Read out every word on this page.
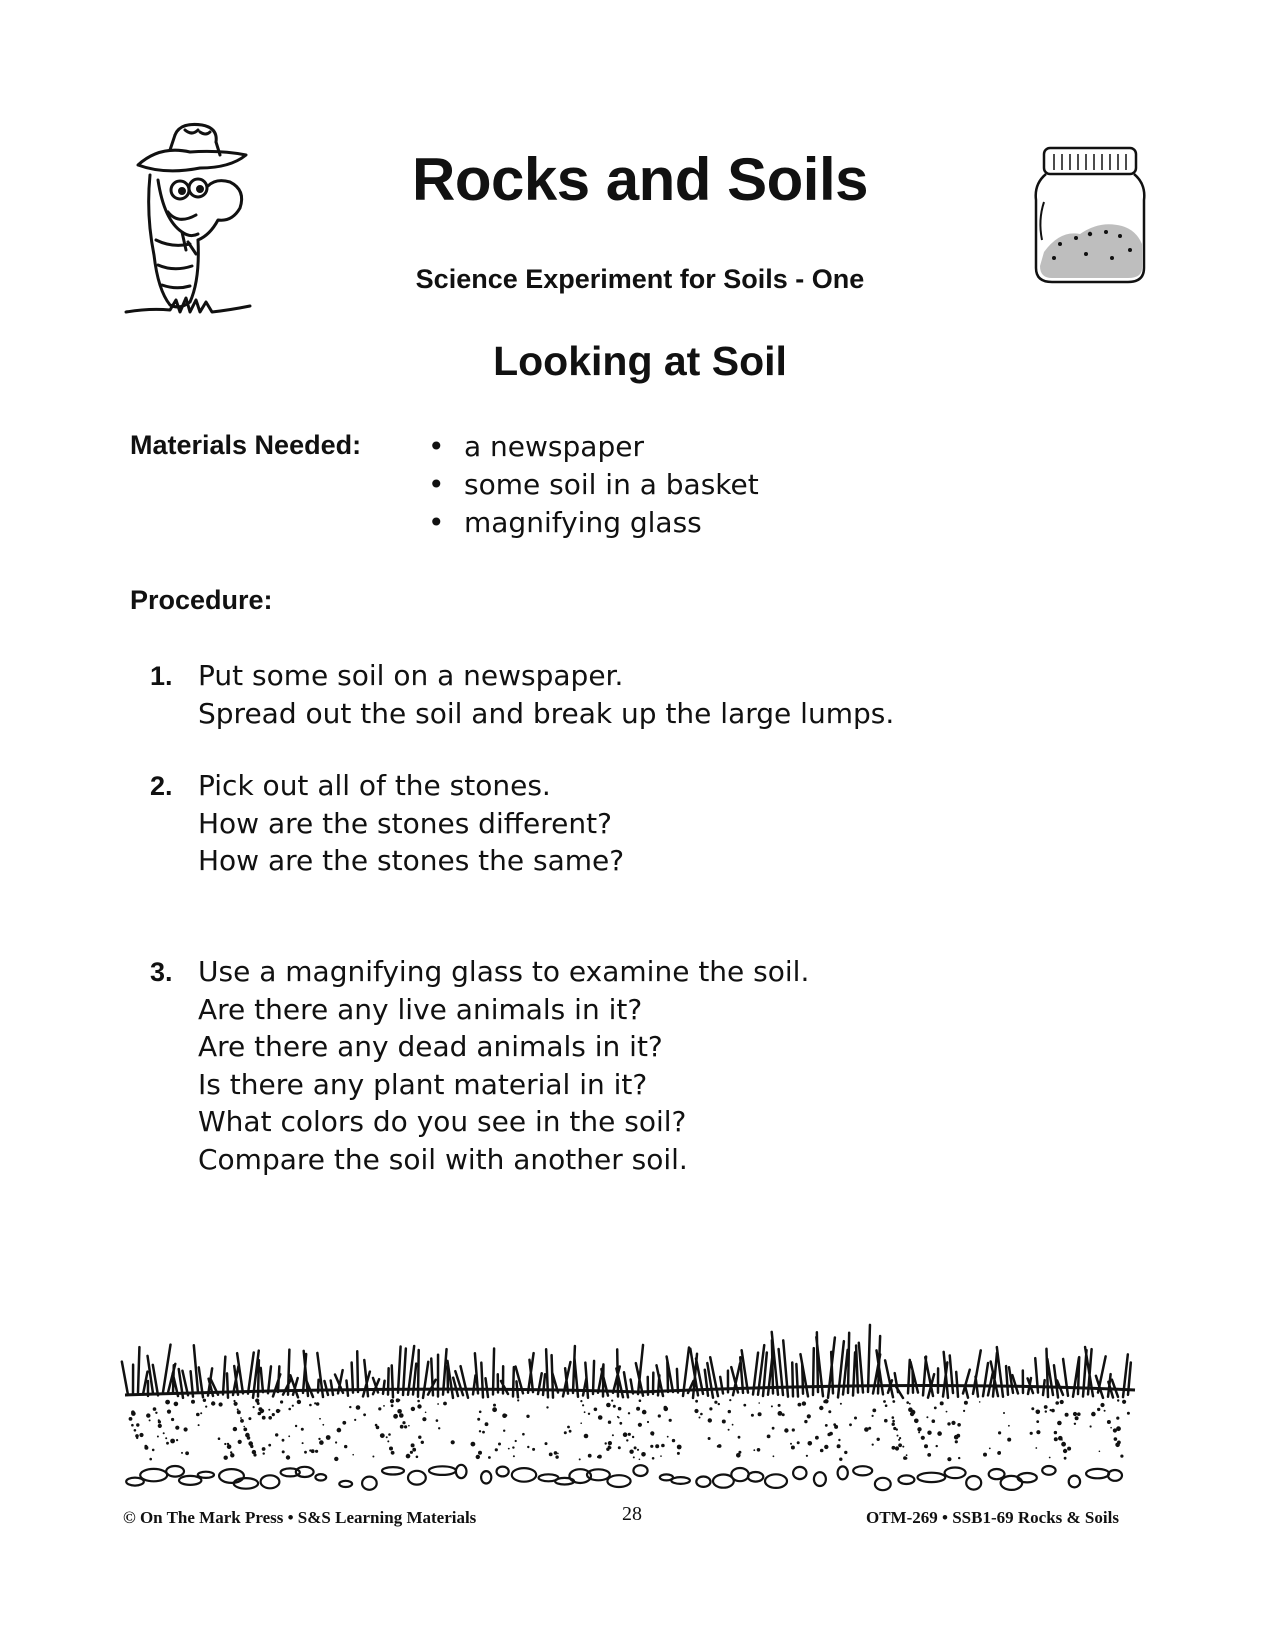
Rocks and Soils
Science Experiment for Soils - One
Looking at Soil
Materials Needed: • a newspaper
• some soil in a basket
• magnifying glass
Procedure:
1. Put some soil on a newspaper.
Spread out the soil and break up the large lumps.
2. Pick out all of the stones.
How are the stones different?
How are the stones the same?
3. Use a magnifying glass to examine the soil.
Are there any live animals in it?
Are there any dead animals in it?
Is there any plant material in it?
What colors do you see in the soil?
Compare the soil with another soil.
© On The Mark Press • S&S Learning Materials	28	OTM-269 • SSB1-69 Rocks & Soils
